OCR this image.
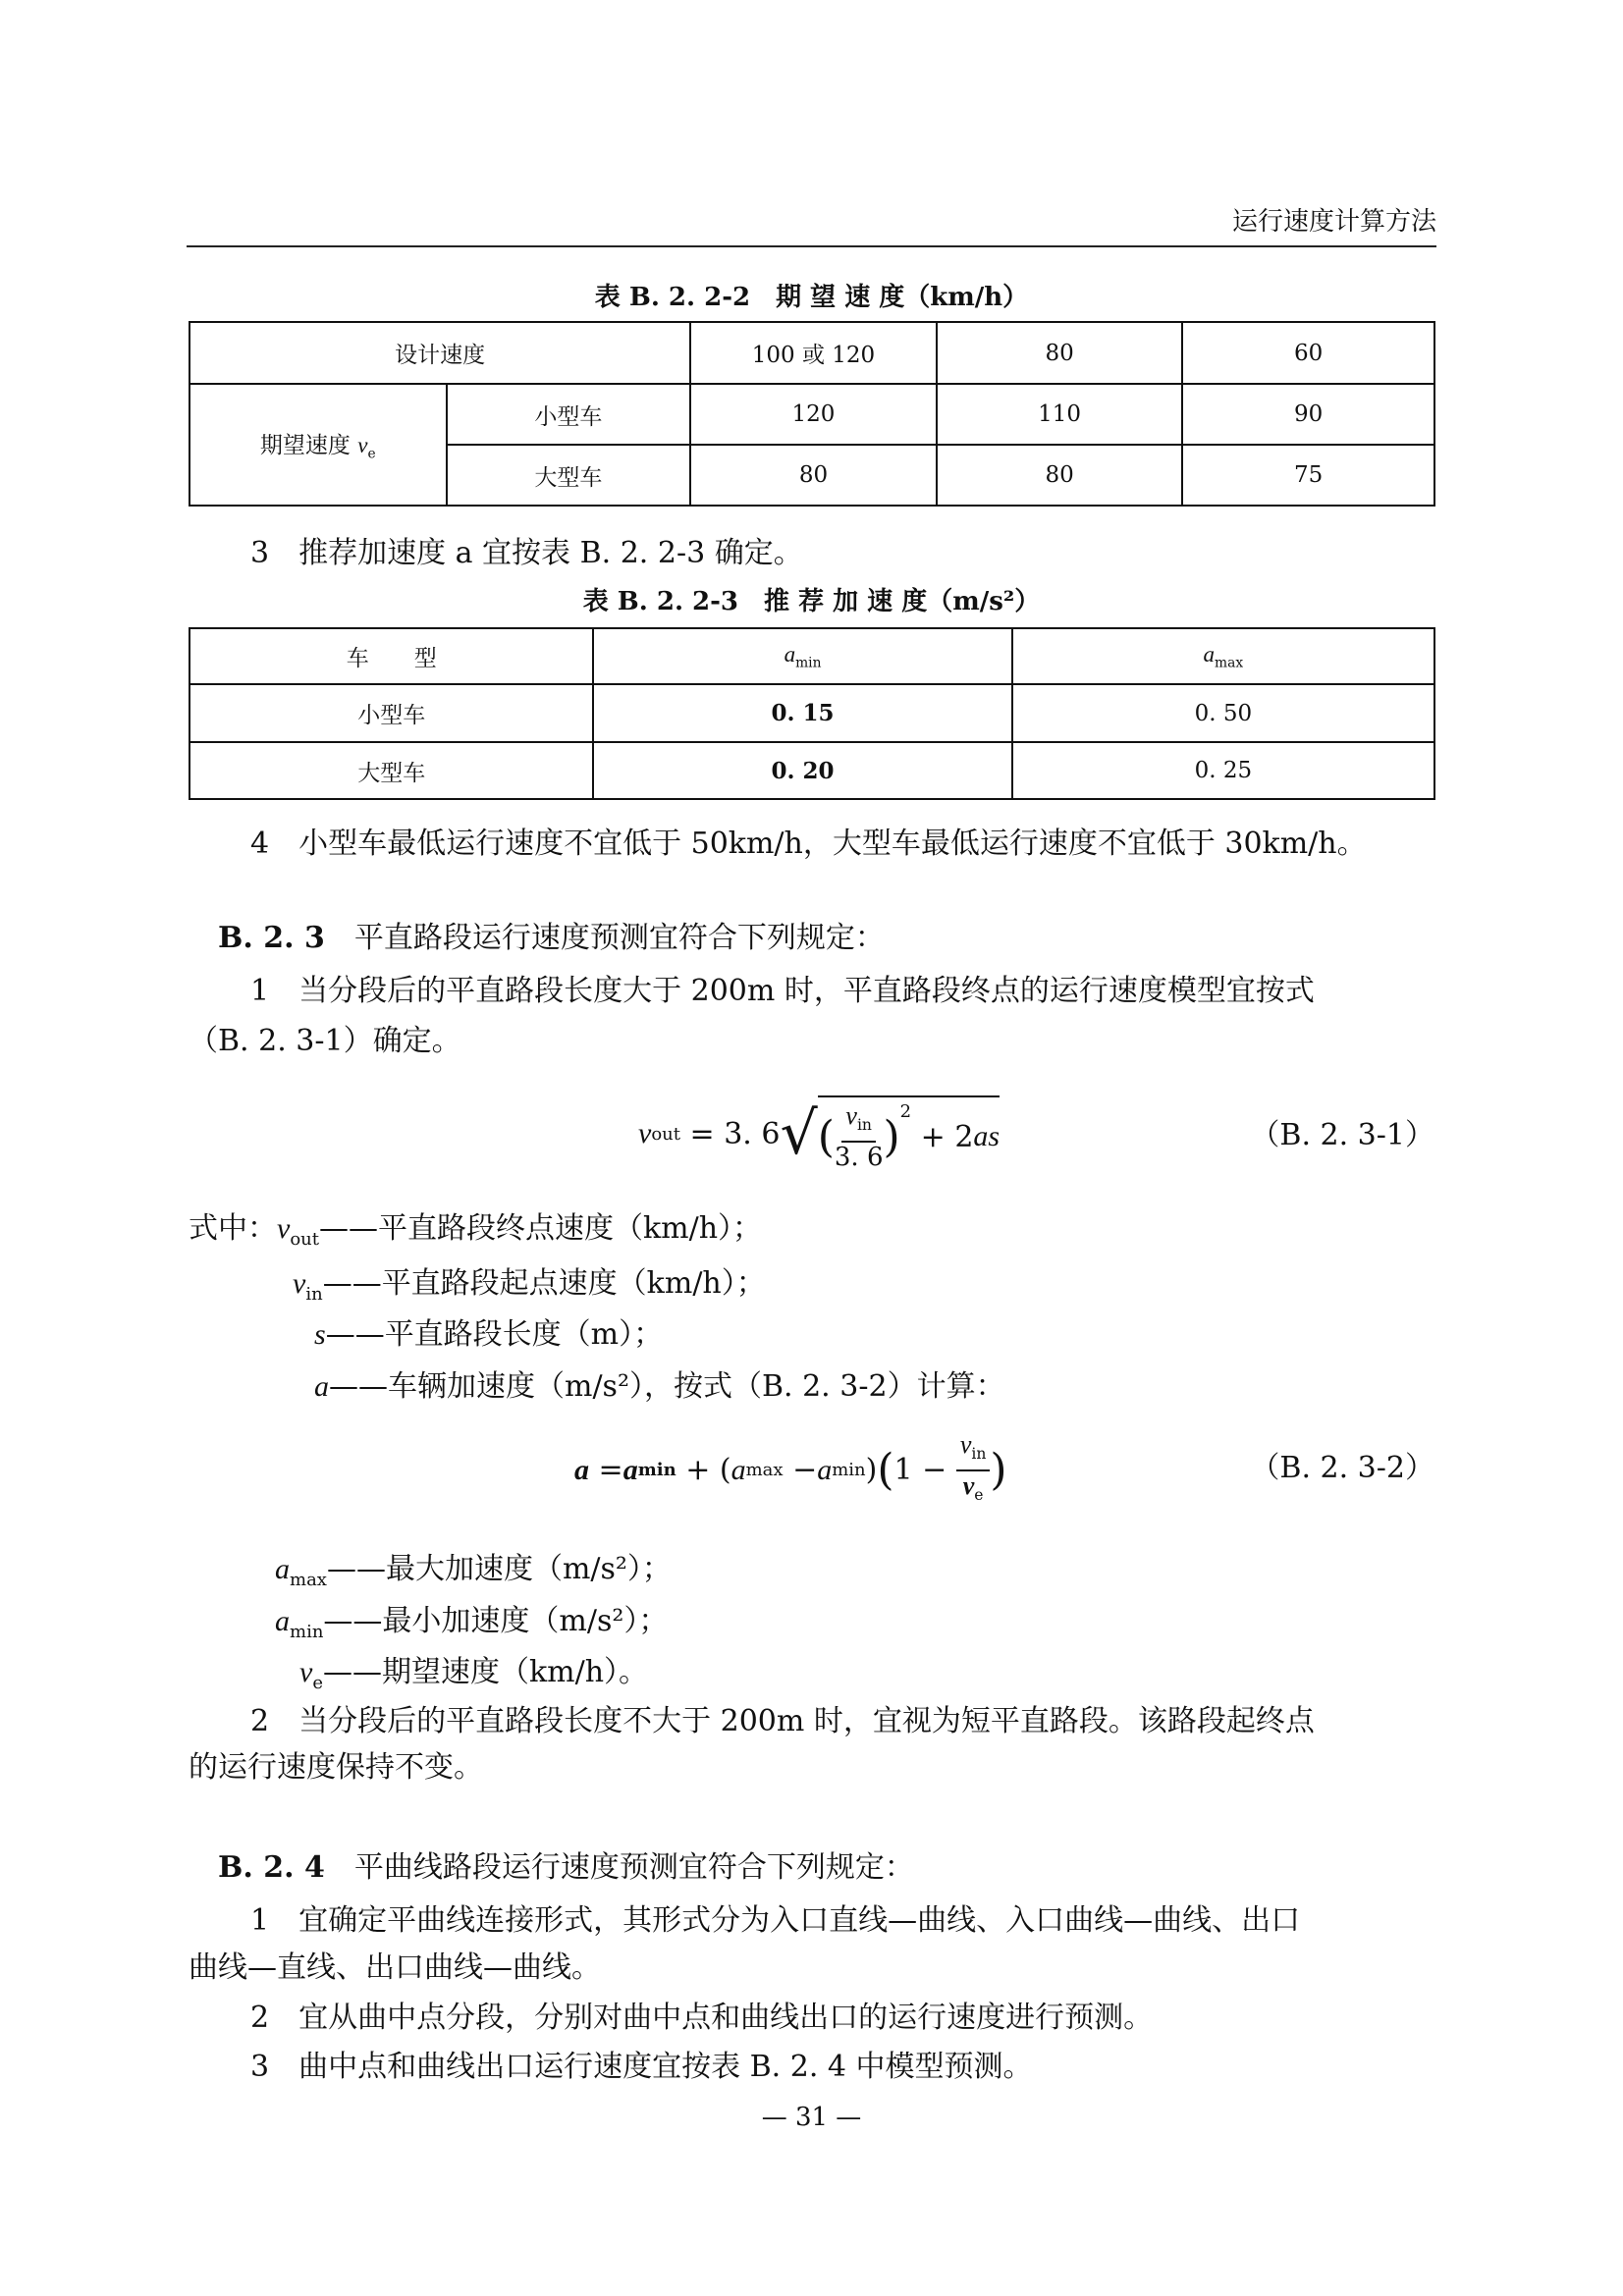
运行速度计算方法
表 B. 2. 2-2　期 望 速 度（km/h）
设计速度		100 或 120	80	60
期望速度 $v_e$	小型车	120	110	90
	大型车	80	80	75
3　推荐加速度 a 宜按表 B. 2. 2-3 确定。
表 B. 2. 2-3　推 荐 加 速 度（m/s²）
车　　型	$a_{min}$	$a_{max}$
小型车	0. 15	0. 50
大型车	0. 20	0. 25
4　小型车最低运行速度不宜低于 50km/h，大型车最低运行速度不宜低于 30km/h。
B. 2. 3　 平直路段运行速度预测宜符合下列规定：
1　当分段后的平直路段长度大于 200m 时，平直路段终点的运行速度模型宜按式
（B. 2. 3-1）确定。
v out = 3. 6 √ ( $\frac{v_{in}}{3. 6} )^2$
+ 2 as	（B. 2. 3-1）
式中：$v_{out}——$平直路段终点速度（km/h）；
$v_{in}——$平直路段起点速度（km/h）；
s——平直路段长度（m）；
a——车辆加速度（m/s²），按式（B. 2. 3-2）计算：
a = a min + ( a max − a min ) ( $1 - \frac{v_{in}}{v_e}$ )	（B. 2. 3-2）
$a_{max}——$最大加速度（m/s²）；
$a_{min}——$最小加速度（m/s²）；
$v_e——$期望速度（km/h）。
2　当分段后的平直路段长度不大于 200m 时，宜视为短平直路段。该路段起终点
的运行速度保持不变。
B. 2. 4　 平曲线路段运行速度预测宜符合下列规定：
1　宜确定平曲线连接形式，其形式分为入口直线—曲线、入口曲线—曲线、出口
曲线—直线、出口曲线—曲线。
2　宜从曲中点分段，分别对曲中点和曲线出口的运行速度进行预测。
3　曲中点和曲线出口运行速度宜按表 B. 2. 4 中模型预测。
— 31 —
